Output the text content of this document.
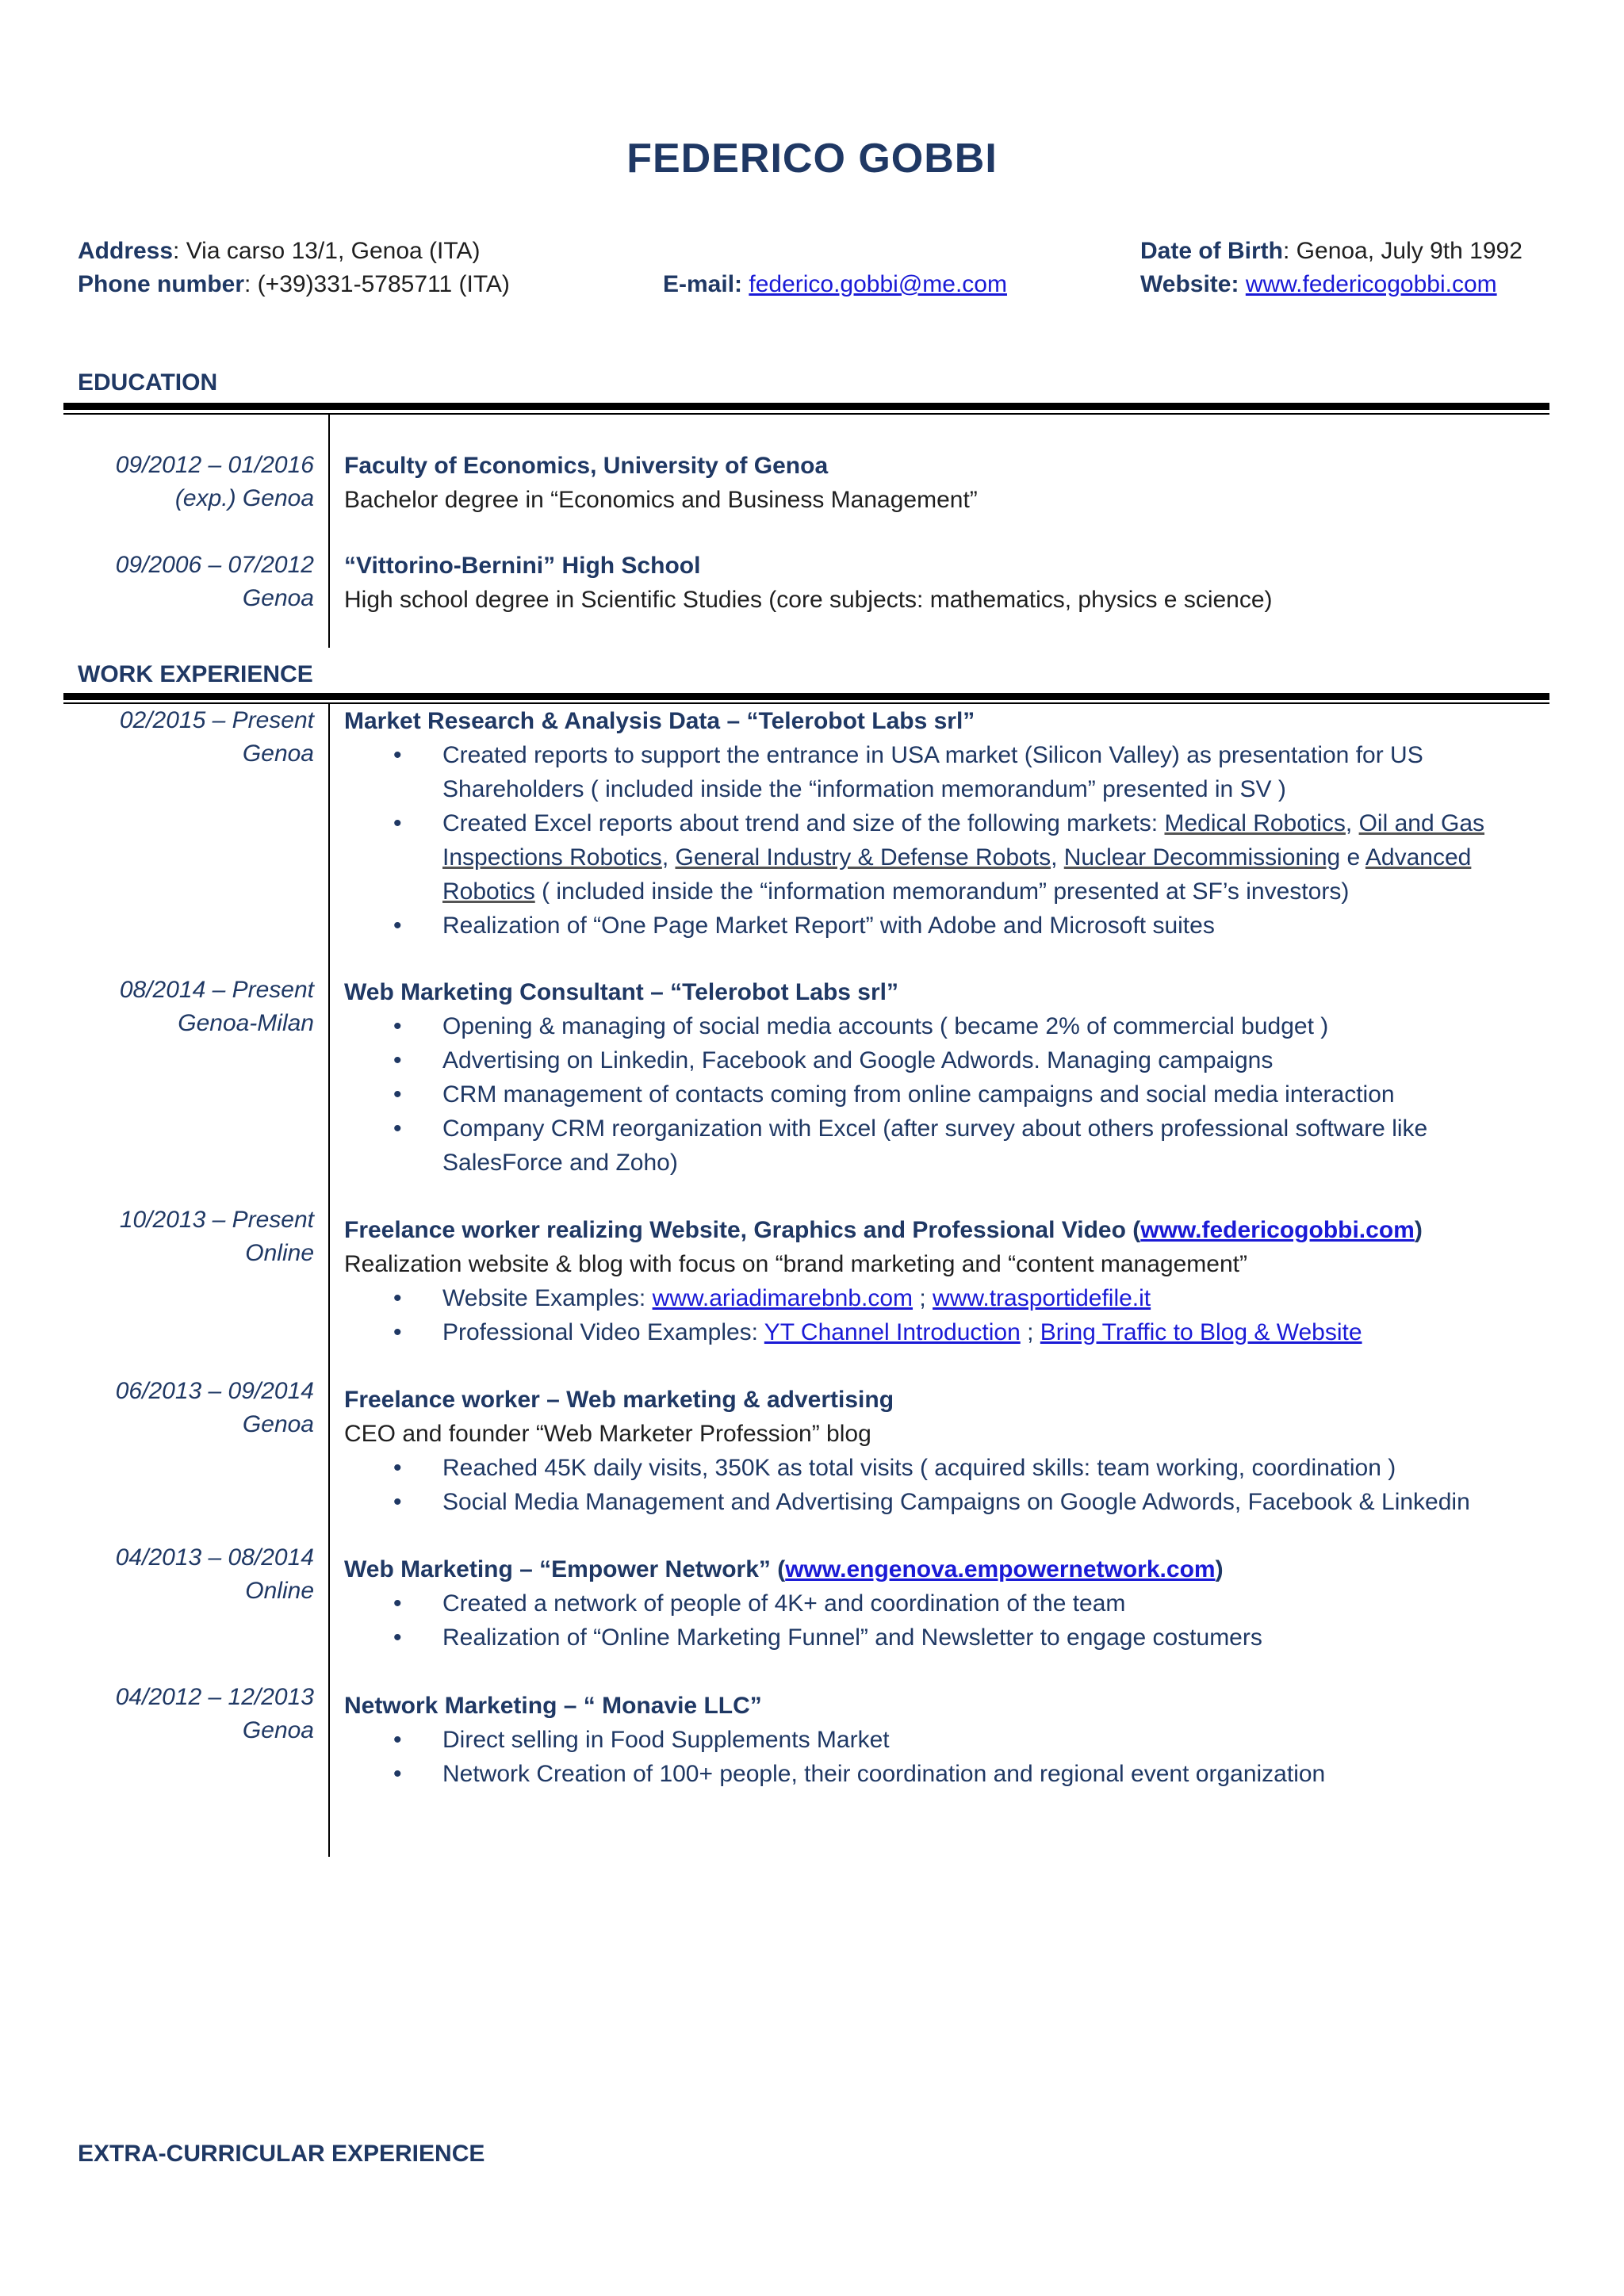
FEDERICO GOBBI
Address: Via carso 13/1, Genoa (ITA)
Phone number: (+39)331-5785711 (ITA)	E-mail: federico.gobbi@me.com
Date of Birth: Genoa, July 9th 1992
Website: www.federicogobbi.com
EDUCATION
09/2012 – 01/2016
(exp.) Genoa
Faculty of Economics, University of Genoa
Bachelor degree in “Economics and Business Management”
09/2006 – 07/2012
Genoa
“Vittorino-Bernini” High School
High school degree in Scientific Studies (core subjects: mathematics, physics e science)
WORK EXPERIENCE
02/2015 – Present
Genoa
Market Research & Analysis Data – “Telerobot Labs srl”
• Created reports to support the entrance in USA market (Silicon Valley) as presentation for US Shareholders ( included inside the “information memorandum” presented in SV )
• Created Excel reports about trend and size of the following markets: Medical Robotics, Oil and Gas Inspections Robotics, General Industry & Defense Robots, Nuclear Decommissioning e Advanced Robotics ( included inside the “information memorandum” presented at SF’s investors)
• Realization of “One Page Market Report” with Adobe and Microsoft suites
08/2014 – Present
Genoa-Milan
Web Marketing Consultant – “Telerobot Labs srl”
• Opening & managing of social media accounts ( became 2% of commercial budget )
• Advertising on Linkedin, Facebook and Google Adwords. Managing campaigns
• CRM management of contacts coming from online campaigns and social media interaction
• Company CRM reorganization with Excel (after survey about others professional software like SalesForce and Zoho)
10/2013 – Present
Online
Freelance worker realizing Website, Graphics and Professional Video (www.federicogobbi.com)
Realization website & blog with focus on “brand marketing and “content management”
• Website Examples: www.ariadimarebnb.com ; www.trasportidefile.it
• Professional Video Examples: YT Channel Introduction ; Bring Traffic to Blog & Website
06/2013 – 09/2014
Genoa
Freelance worker – Web marketing & advertising
CEO and founder “Web Marketer Profession” blog
• Reached 45K daily visits, 350K as total visits ( acquired skills: team working, coordination )
• Social Media Management and Advertising Campaigns on Google Adwords, Facebook & Linkedin
04/2013 – 08/2014
Online
Web Marketing – “Empower Network” (www.engenova.empowernetwork.com)
• Created a network of people of 4K+ and coordination of the team
• Realization of “Online Marketing Funnel” and Newsletter to engage costumers
04/2012 – 12/2013
Genoa
Network Marketing – “ Monavie LLC”
• Direct selling in Food Supplements Market
• Network Creation of 100+ people, their coordination and regional event organization
EXTRA-CURRICULAR EXPERIENCE
